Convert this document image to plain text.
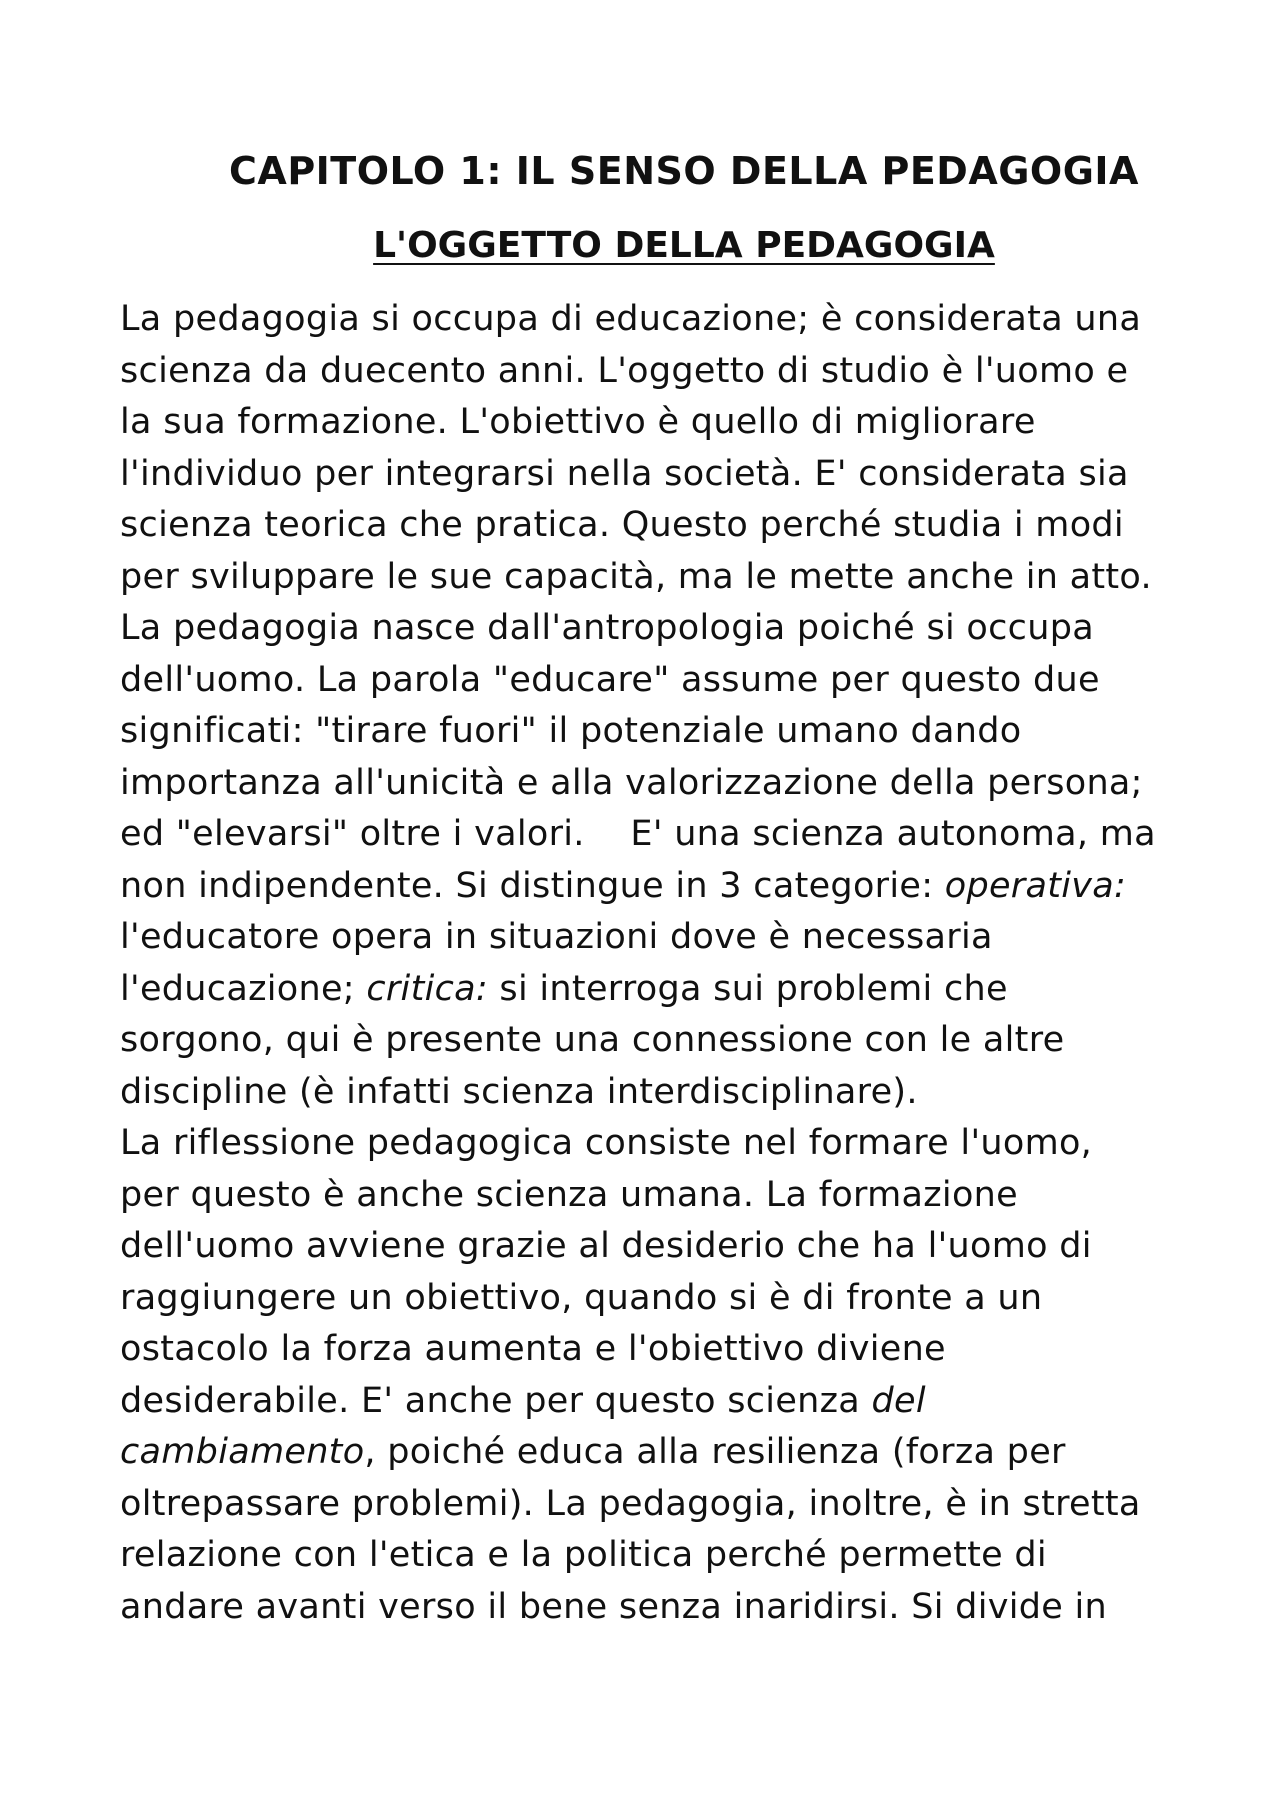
CAPITOLO 1: IL SENSO DELLA PEDAGOGIA
L'OGGETTO DELLA PEDAGOGIA

La pedagogia si occupa di educazione; è considerata una
scienza da duecento anni. L'oggetto di studio è l'uomo e
la sua formazione. L'obiettivo è quello di migliorare
l'individuo per integrarsi nella società. E' considerata sia
scienza teorica che pratica. Questo perché studia i modi
per sviluppare le sue capacità, ma le mette anche in atto.
La pedagogia nasce dall'antropologia poiché si occupa
dell'uomo. La parola "educare" assume per questo due
significati: "tirare fuori" il potenziale umano dando
importanza all'unicità e alla valorizzazione della persona;
ed "elevarsi" oltre i valori.    E' una scienza autonoma, ma
non indipendente. Si distingue in 3 categorie: operativa:
l'educatore opera in situazioni dove è necessaria
l'educazione; critica: si interroga sui problemi che
sorgono, qui è presente una connessione con le altre
discipline (è infatti scienza interdisciplinare).
La riflessione pedagogica consiste nel formare l'uomo,
per questo è anche scienza umana. La formazione
dell'uomo avviene grazie al desiderio che ha l'uomo di
raggiungere un obiettivo, quando si è di fronte a un
ostacolo la forza aumenta e l'obiettivo diviene
desiderabile. E' anche per questo scienza del
cambiamento, poiché educa alla resilienza (forza per
oltrepassare problemi). La pedagogia, inoltre, è in stretta
relazione con l'etica e la politica perché permette di
andare avanti verso il bene senza inaridirsi. Si divide in
